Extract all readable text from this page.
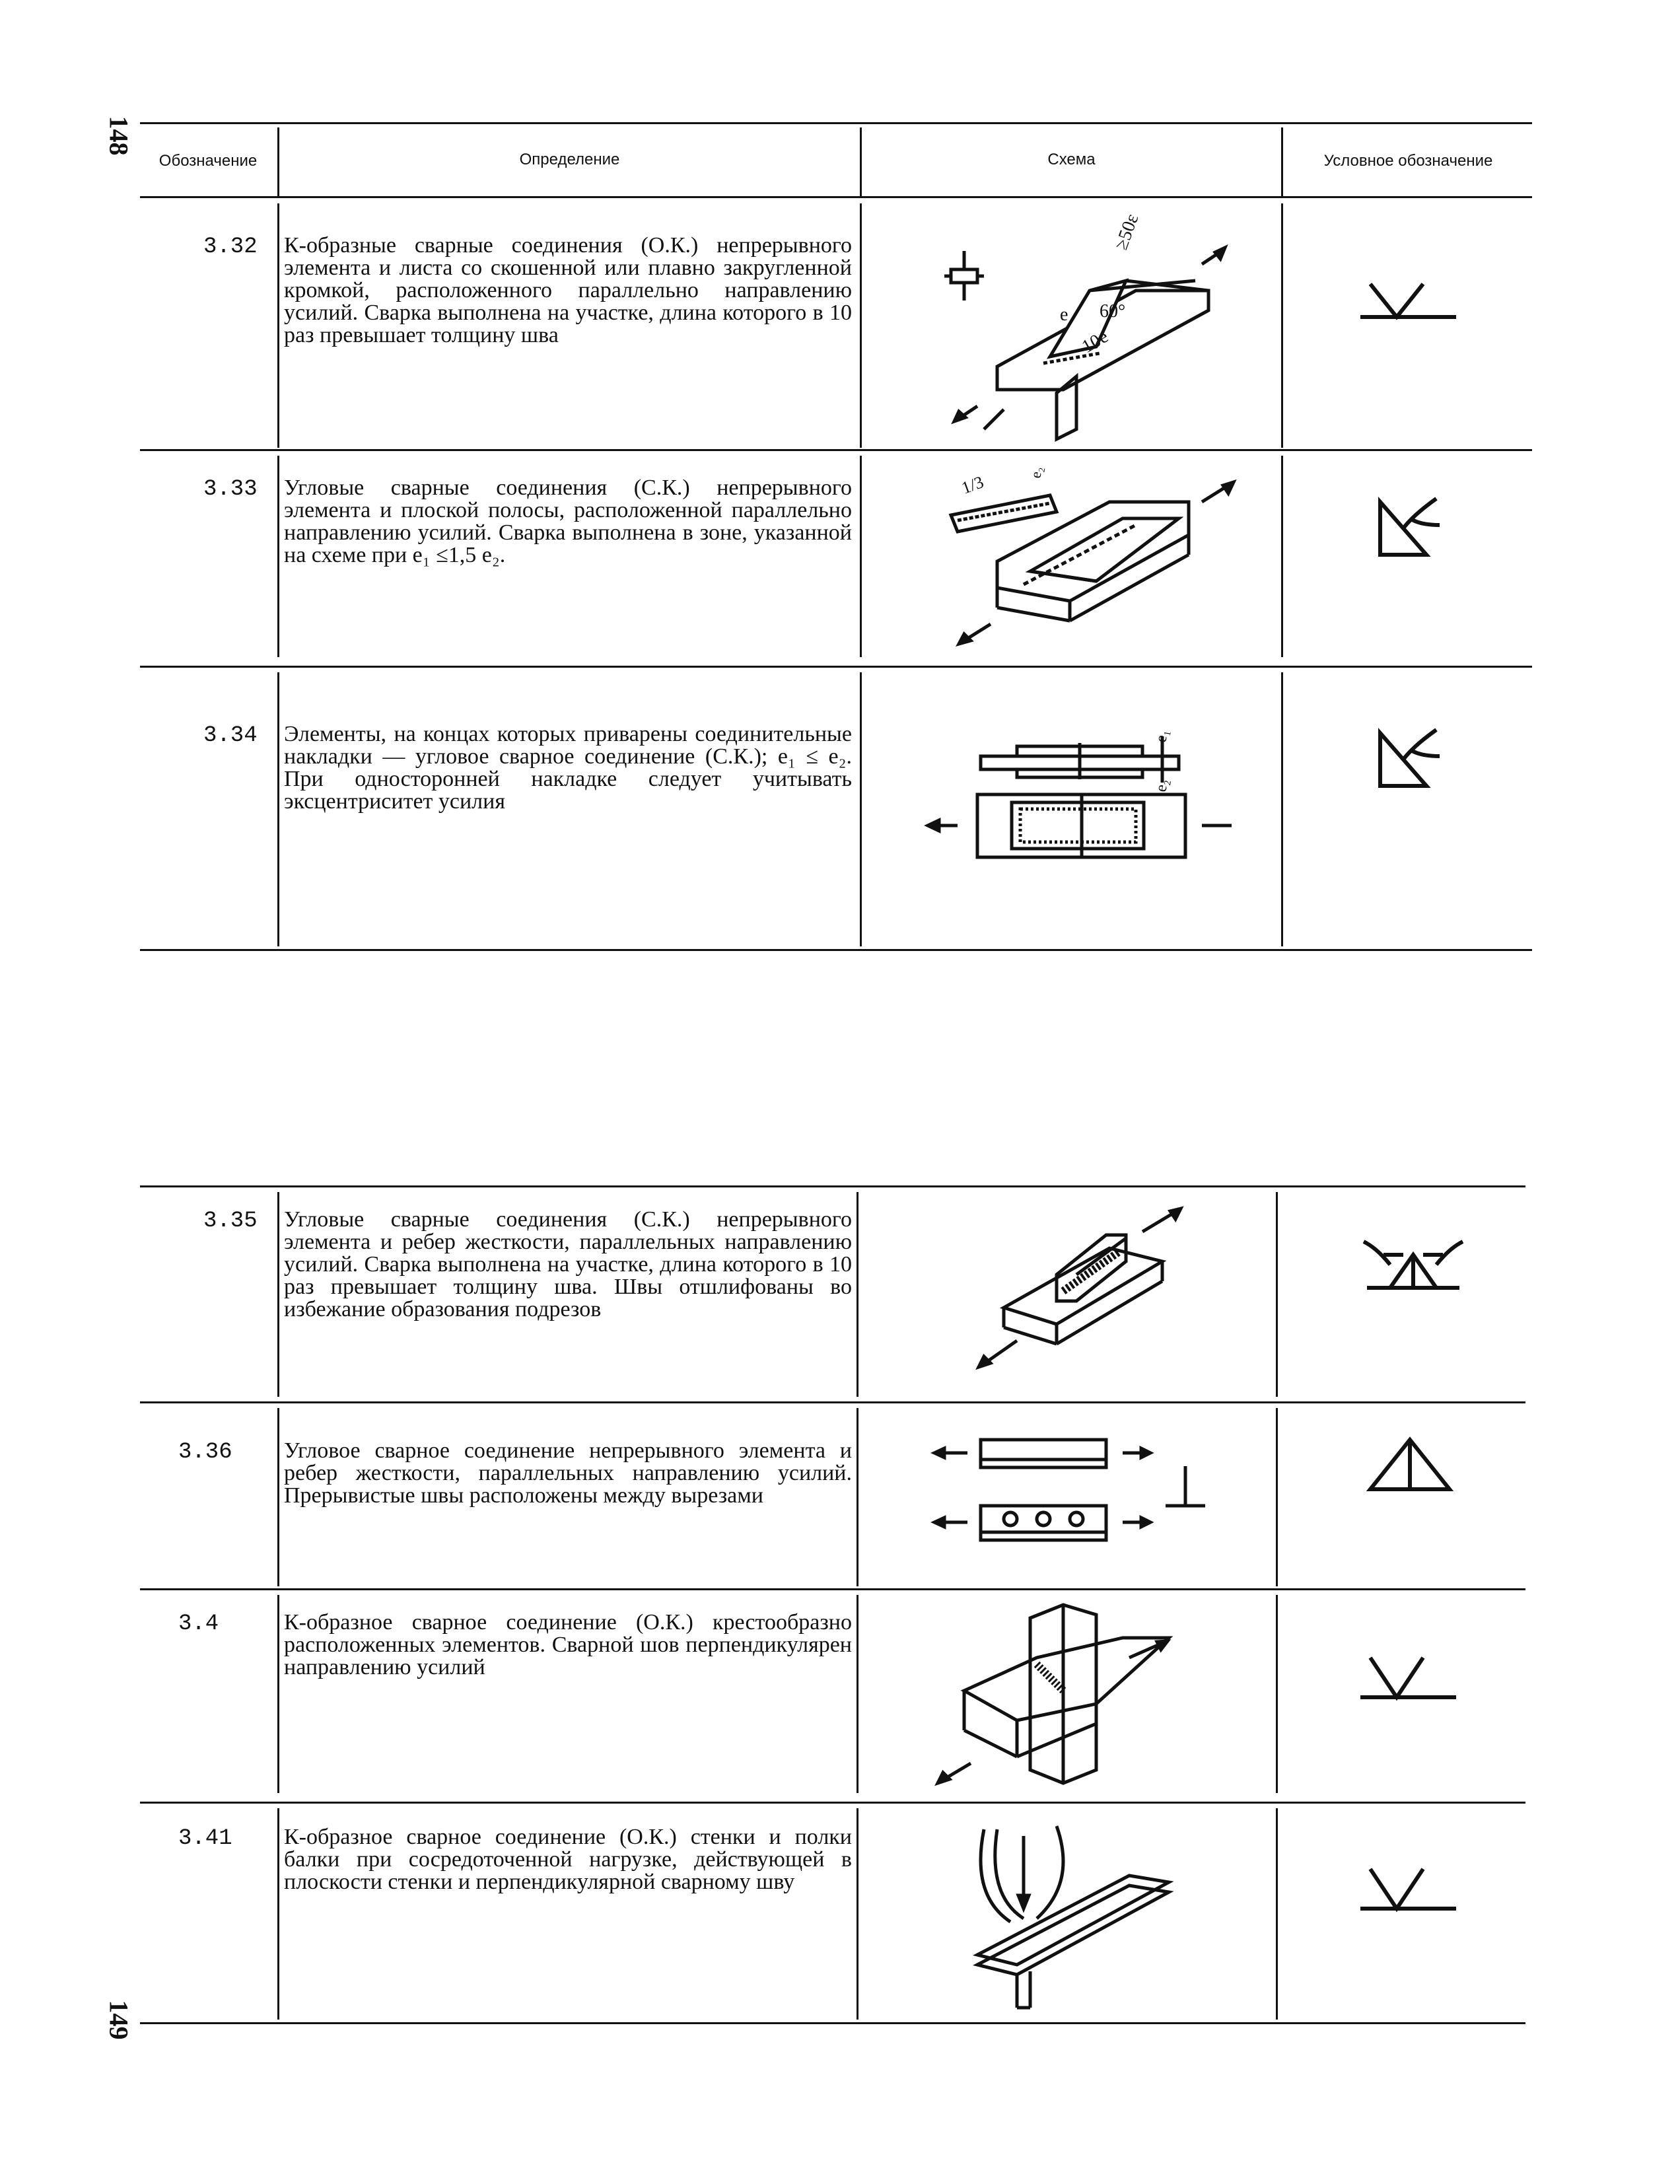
148
149
Обозначение	Определение	Схема	Условное обозначение
3.32 К-образные сварные соединения (О.К.) непрерывного элемента и листа со скошенной или плавно закругленной кромкой, расположенного параллельно направлению усилий. Сварка выполнена на участке, длина которого в 10 раз превышает толщину шва
≥50ε
60°
e
10e
3.33 Угловые сварные соединения (С.К.) непрерывного элемента и плоской полосы, расположенной параллельно направлению усилий. Сварка выполнена в зоне, указанной на схеме при e₁ ≤1,5 e₂.
1/3	e₂
3.34 Элементы, на концах которых приварены соединительные накладки — угловое сварное соединение (С.К.); e₁ ≤ e₂. При односторонней накладке следует учитывать эксцентриситет усилия
e₁
e₂
3.35 Угловые сварные соединения (С.К.) непрерывного элемента и ребер жесткости, параллельных направлению усилий. Сварка выполнена на участке, длина которого в 10 раз превышает толщину шва. Швы отшлифованы во избежание образования подрезов
3.36 Угловое сварное соединение непрерывного элемента и ребер жесткости, параллельных направлению усилий. Прерывистые швы расположены между вырезами
3.4	К-образное сварное соединение (О.К.) крестообразно расположенных элементов. Сварной шов перпендикулярен направлению усилий
3.41 К-образное сварное соединение (О.К.) стенки и полки балки при сосредоточенной нагрузке, действующей в плоскости стенки и перпендикулярной сварному шву
